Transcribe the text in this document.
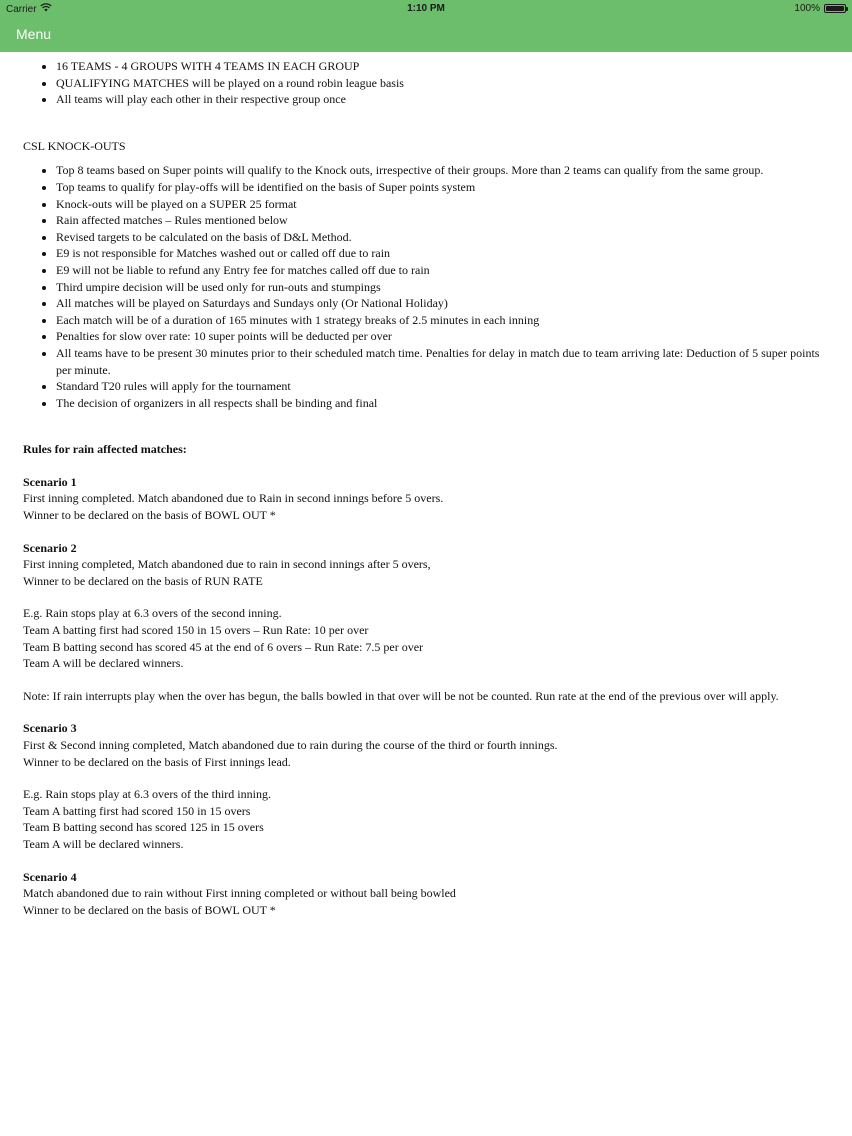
Carrier	1:10 PM	100%
Menu
• 16 TEAMS - 4 GROUPS WITH 4 TEAMS IN EACH GROUP
• QUALIFYING MATCHES will be played on a round robin league basis
• All teams will play each other in their respective group once

CSL KNOCK-OUTS

• Top 8 teams based on Super points will qualify to the Knock outs, irrespective of their groups. More than 2 teams can qualify from the same group.
• Top teams to qualify for play-offs will be identified on the basis of Super points system
• Knock-outs will be played on a SUPER 25 format
• Rain affected matches – Rules mentioned below
• Revised targets to be calculated on the basis of D&L Method.
• E9 is not responsible for Matches washed out or called off due to rain
• E9 will not be liable to refund any Entry fee for matches called off due to rain
• Third umpire decision will be used only for run-outs and stumpings
• All matches will be played on Saturdays and Sundays only (Or National Holiday)
• Each match will be of a duration of 165 minutes with 1 strategy breaks of 2.5 minutes in each inning
• Penalties for slow over rate: 10 super points will be deducted per over
• All teams have to be present 30 minutes prior to their scheduled match time. Penalties for delay in match due to team arriving late: Deduction of 5 super points per minute.
• Standard T20 rules will apply for the tournament
• The decision of organizers in all respects shall be binding and final

Rules for rain affected matches:

Scenario 1

First inning completed. Match abandoned due to Rain in second innings before 5 overs.

Winner to be declared on the basis of BOWL OUT *

Scenario 2

First inning completed, Match abandoned due to rain in second innings after 5 overs,

Winner to be declared on the basis of RUN RATE

E.g. Rain stops play at 6.3 overs of the second inning.

Team A batting first had scored 150 in 15 overs – Run Rate: 10 per over

Team B batting second has scored 45 at the end of 6 overs – Run Rate: 7.5 per over

Team A will be declared winners.

Note: If rain interrupts play when the over has begun, the balls bowled in that over will be not be counted. Run rate at the end of the previous over will apply.

Scenario 3

First & Second inning completed, Match abandoned due to rain during the course of the third or fourth innings.

Winner to be declared on the basis of First innings lead.

E.g. Rain stops play at 6.3 overs of the third inning.

Team A batting first had scored 150 in 15 overs

Team B batting second has scored 125 in 15 overs

Team A will be declared winners.

Scenario 4

Match abandoned due to rain without First inning completed or without ball being bowled

Winner to be declared on the basis of BOWL OUT *
